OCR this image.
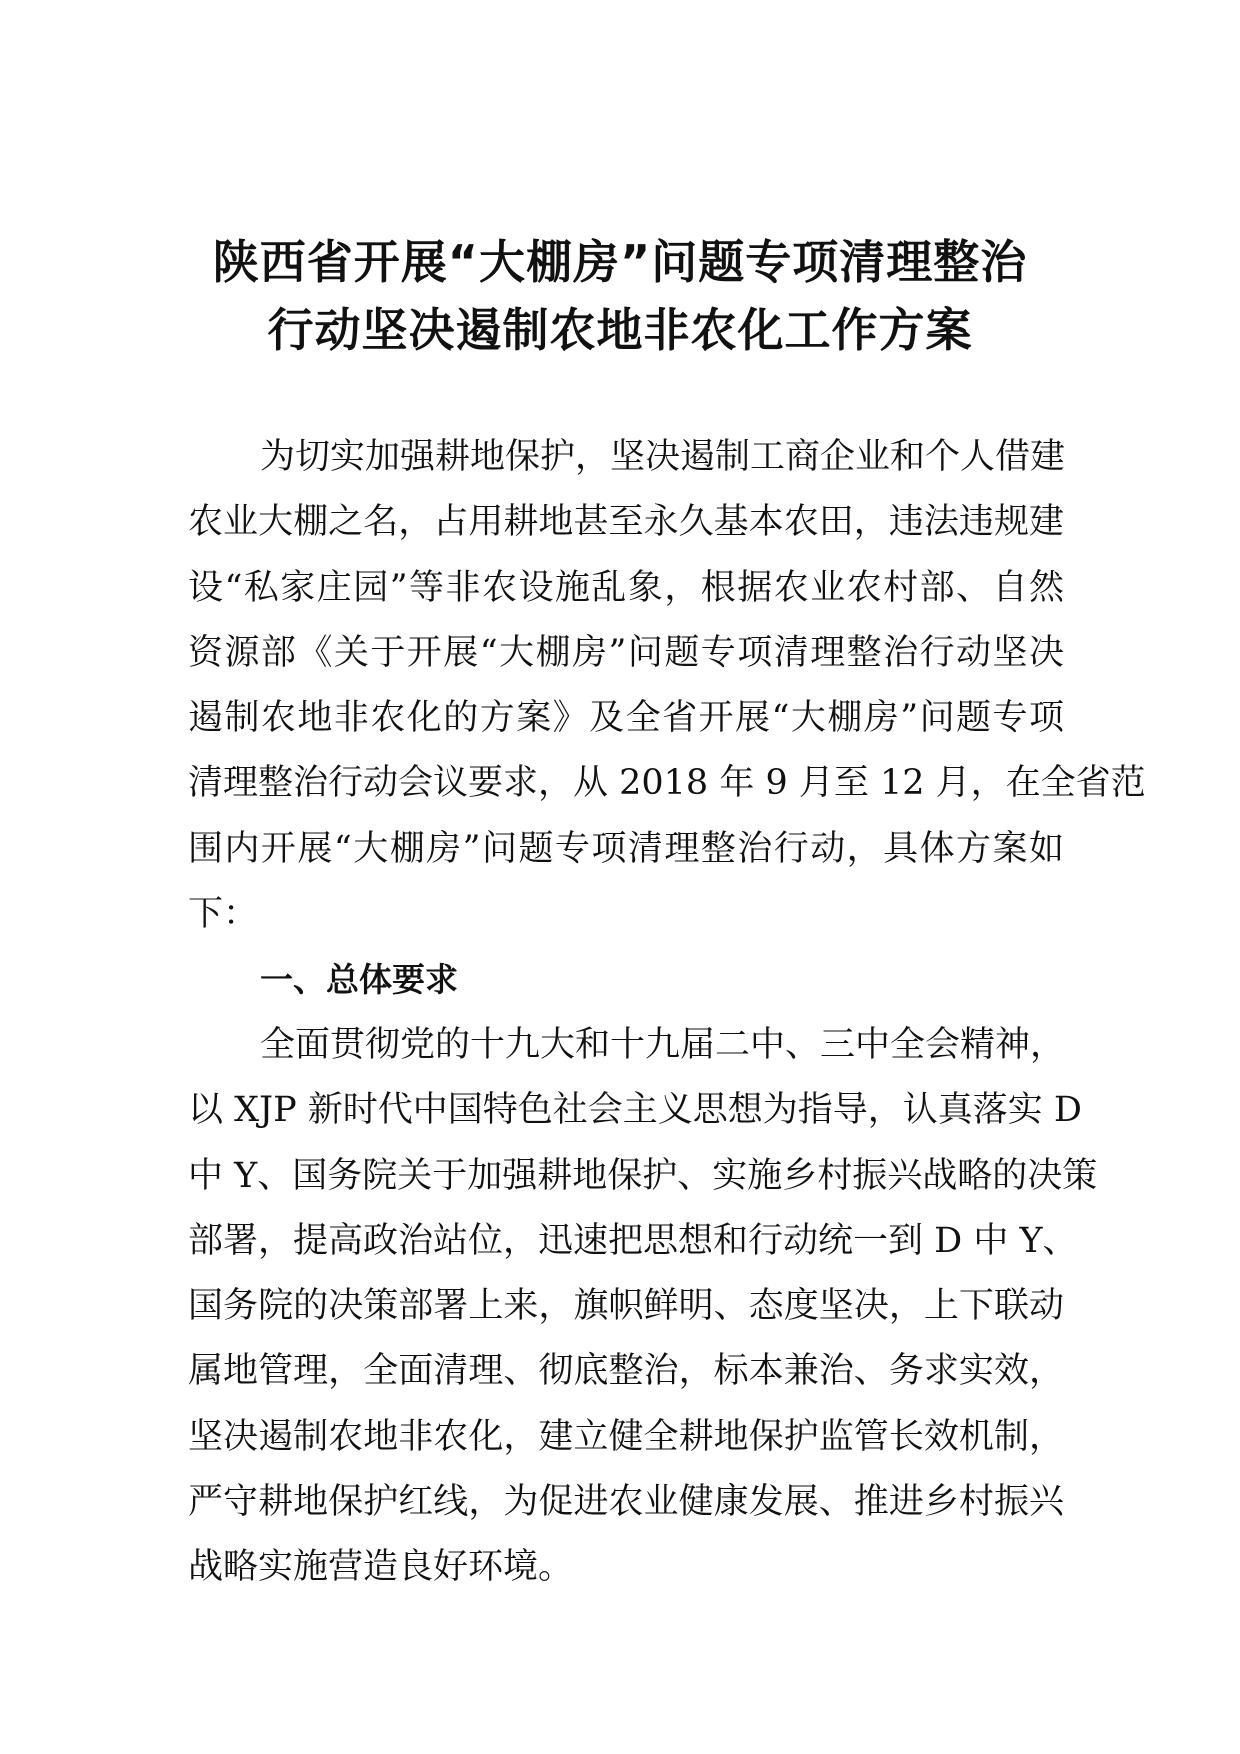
陕西省开展“大棚房”问题专项清理整治
行动坚决遏制农地非农化工作方案
为切实加强耕地保护，坚决遏制工商企业和个人借建
农业大棚之名，占用耕地甚至永久基本农田，违法违规建
设“私家庄园”等非农设施乱象，根据农业农村部、自然
资源部《关于开展“大棚房”问题专项清理整治行动坚决
遏制农地非农化的方案》及全省开展“大棚房”问题专项
清理整治行动会议要求，从 2018 年 9 月至 12 月，在全省范
围内开展“大棚房”问题专项清理整治行动，具体方案如
下：
一、总体要求
全面贯彻党的十九大和十九届二中、三中全会精神，
以 XJP 新时代中国特色社会主义思想为指导，认真落实 D
中 Y、国务院关于加强耕地保护、实施乡村振兴战略的决策
部署，提高政治站位，迅速把思想和行动统一到 D 中 Y、
国务院的决策部署上来，旗帜鲜明、态度坚决，上下联动
属地管理，全面清理、彻底整治，标本兼治、务求实效，
坚决遏制农地非农化，建立健全耕地保护监管长效机制，
严守耕地保护红线，为促进农业健康发展、推进乡村振兴
战略实施营造良好环境。
